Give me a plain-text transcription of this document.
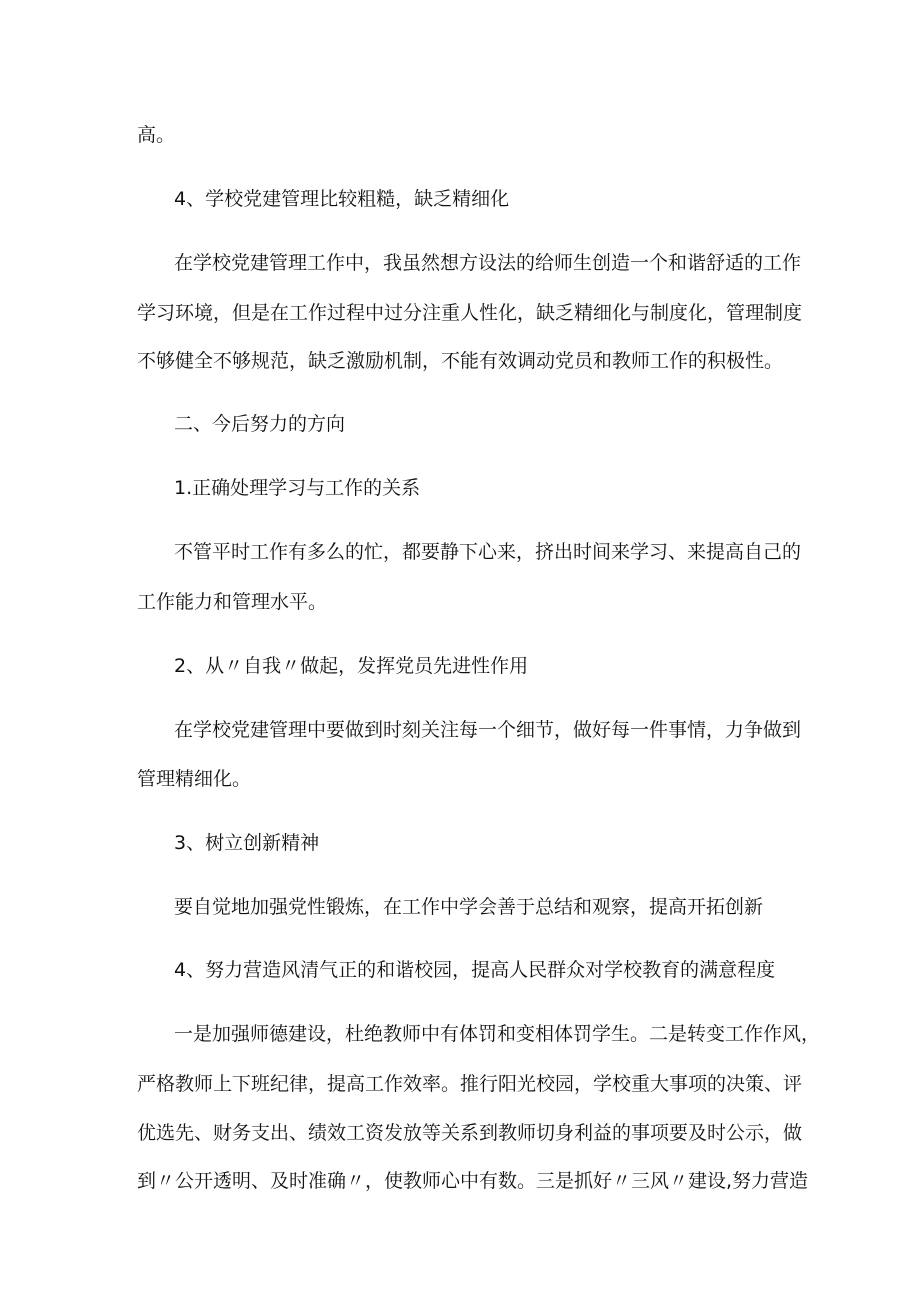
高。

4、学校党建管理比较粗糙，缺乏精细化

在学校党建管理工作中，我虽然想方设法的给师生创造一个和谐舒适的工作

学习环境，但是在工作过程中过分注重人性化，缺乏精细化与制度化，管理制度

不够健全不够规范，缺乏激励机制，不能有效调动党员和教师工作的积极性。

二、今后努力的方向

1.正确处理学习与工作的关系

不管平时工作有多么的忙，都要静下心来，挤出时间来学习、来提高自己的

工作能力和管理水平。

2、从〃自我〃做起，发挥党员先进性作用

在学校党建管理中要做到时刻关注每一个细节，做好每一件事情，力争做到

管理精细化。

3、树立创新精神

要自觉地加强党性锻炼，在工作中学会善于总结和观察，提高开拓创新

4、努力营造风清气正的和谐校园，提高人民群众对学校教育的满意程度

一是加强师德建设，杜绝教师中有体罚和变相体罚学生。二是转变工作作风，

严格教师上下班纪律，提高工作效率。推行阳光校园，学校重大事项的决策、评

优选先、财务支出、绩效工资发放等关系到教师切身利益的事项要及时公示，做

到〃公开透明、及时准确〃，使教师心中有数。三是抓好〃三风〃建设,努力营造
